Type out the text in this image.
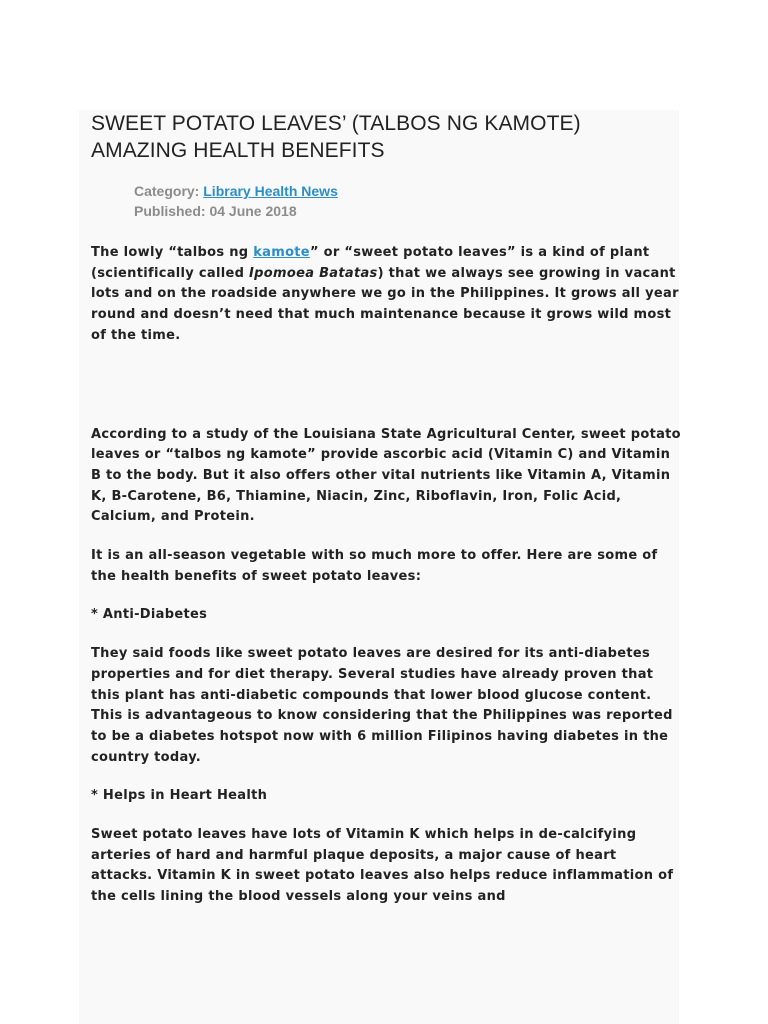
SWEET POTATO LEAVES’ (TALBOS NG KAMOTE)
AMAZING HEALTH BENEFITS
Category: Library Health News
Published: 04 June 2018

The lowly “talbos ng kamote” or “sweet potato leaves” is a kind of plant (scientifically called Ipomoea Batatas) that we always see growing in vacant lots and on the roadside anywhere we go in the Philippines. It grows all year round and doesn’t need that much maintenance because it grows wild most of the time.

According to a study of the Louisiana State Agricultural Center, sweet potato leaves or “talbos ng kamote” provide ascorbic acid (Vitamin C) and Vitamin B to the body. But it also offers other vital nutrients like Vitamin A, Vitamin K, B-Carotene, B6, Thiamine, Niacin, Zinc, Riboflavin, Iron, Folic Acid, Calcium, and Protein.

It is an all-season vegetable with so much more to offer. Here are some of the health benefits of sweet potato leaves:

* Anti-Diabetes

They said foods like sweet potato leaves are desired for its anti-diabetes properties and for diet therapy. Several studies have already proven that this plant has anti-diabetic compounds that lower blood glucose content. This is advantageous to know considering that the Philippines was reported to be a diabetes hotspot now with 6 million Filipinos having diabetes in the country today.

* Helps in Heart Health

Sweet potato leaves have lots of Vitamin K which helps in de-calcifying arteries of hard and harmful plaque deposits, a major cause of heart attacks. Vitamin K in sweet potato leaves also helps reduce inflammation of the cells lining the blood vessels along your veins and
